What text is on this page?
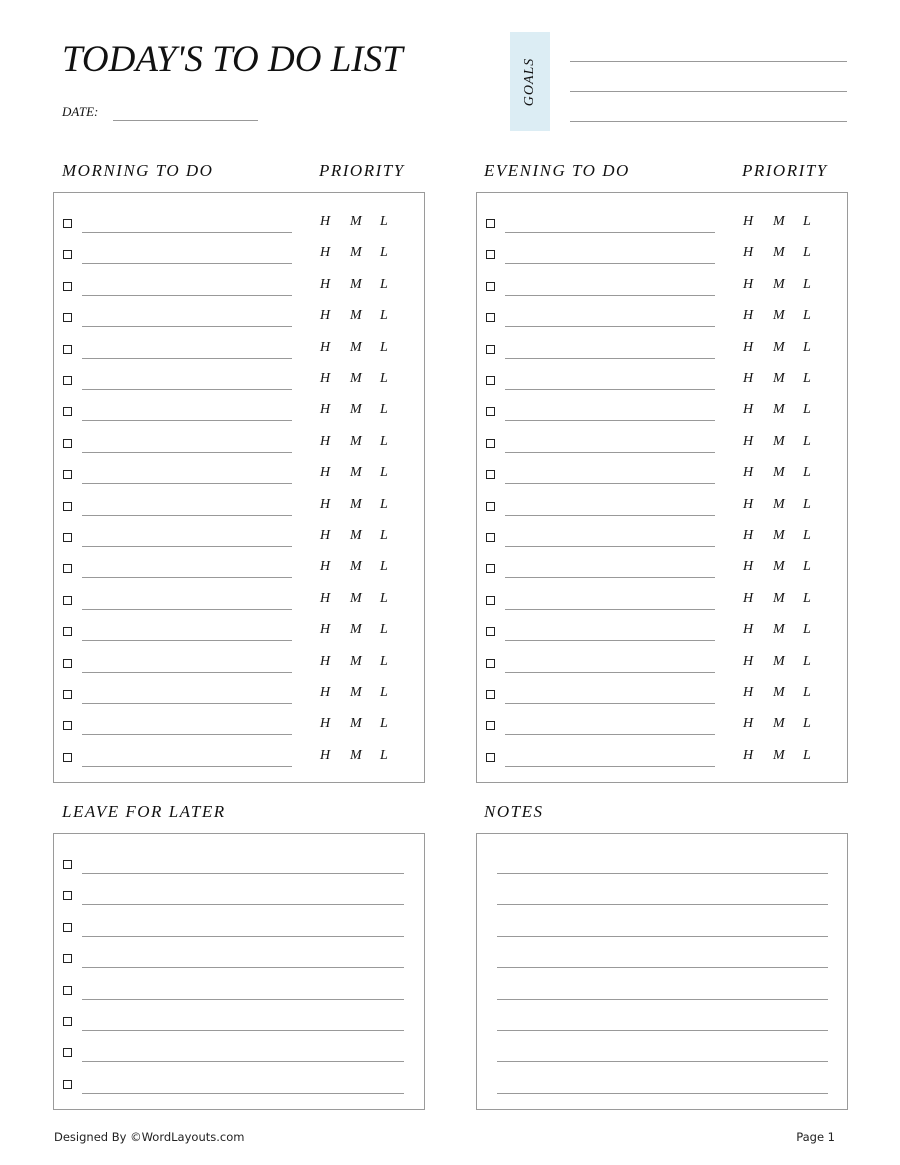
TODAY'S TO DO LIST
DATE:
GOALS
MORNING TO DO	PRIORITY
H M L
H M L
H M L
H M L
H M L
H M L
H M L
H M L
H M L
H M L
H M L
H M L
H M L
H M L
H M L
H M L
H M L
H M L
EVENING TO DO	PRIORITY
H M L
H M L
H M L
H M L
H M L
H M L
H M L
H M L
H M L
H M L
H M L
H M L
H M L
H M L
H M L
H M L
H M L
H M L
LEAVE FOR LATER	NOTES
Designed By ©WordLayouts.com	Page 1
